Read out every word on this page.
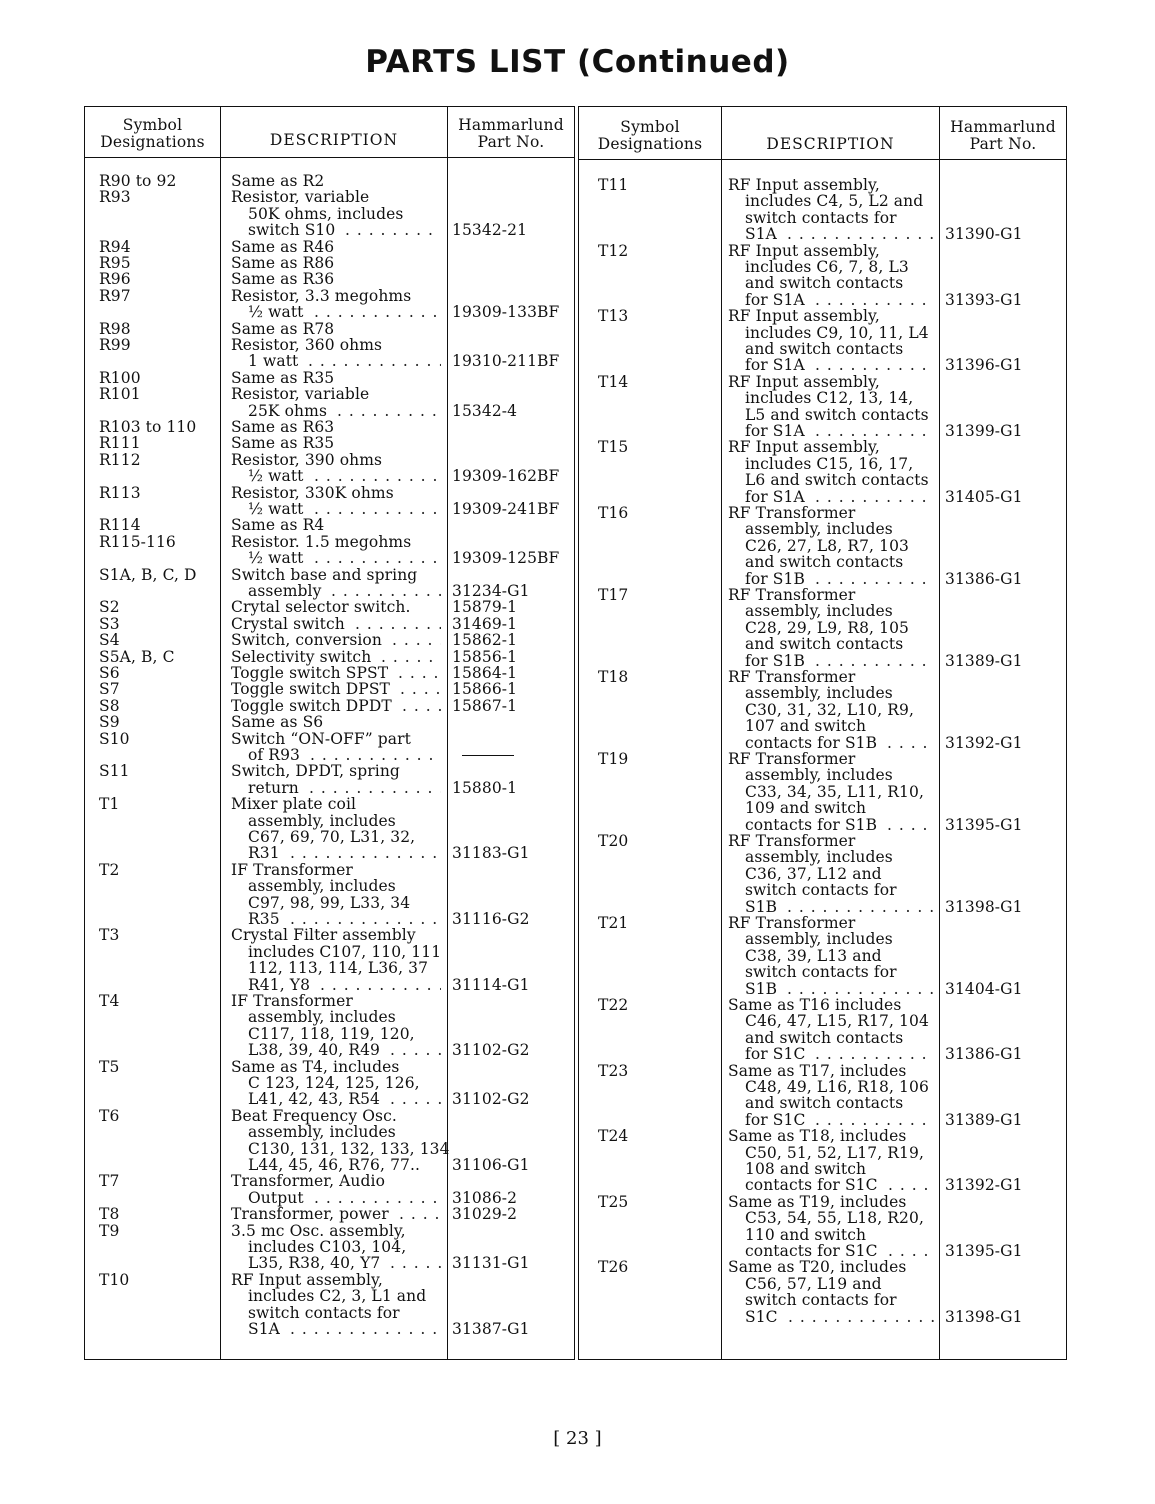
PARTS LIST (Continued)
Symbol
Designations	DESCRIPTION
Hammarlund
Part No.
R90 to 92	Same as R2
R93	Resistor, variable
50K ohms, includes
switch S10 . . .	15342-21
R94	Same as R46
R95	Same as R86
R96	Same as R36
R97	Resistor, 3.3 megohms
½ watt . . .	19309-133BF
R98	Same as R78
R99	Resistor, 360 ohms
1 watt . . .	19310-211BF
R100	Same as R35
R101	Resistor, variable
25K ohms . . .	15342-4
R103 to 110 Same as R63
R111	Same as R35
R112	Resistor, 390 ohms
½ watt . . .	19309-162BF
R113	Resistor, 330K ohms
½ watt . . .	19309-241BF
R114	Same as R4
R115-116	Resistor. 1.5 megohms
½ watt . . .	19309-125BF
S1A, B, C, D Switch base and spring
assembly . . .	31234-G1
S2	Crytal selector switch.	15879-1
S3	Crystal switch . . .	31469-1
S4	Switch, conversion . . .	15862-1
S5A, B, C	Selectivity switch . . .	15856-1
S6	Toggle switch SPST . . .	15864-1
S7	Toggle switch DPST . . .	15866-1
S8	Toggle switch DPDT . . .	15867-1
S9	Same as S6
S10	Switch “ON-OFF” part
of R93
. . .
S11	Switch, DPDT, spring
return . . .	15880-1
T1	Mixer plate coil
assembly, includes
C67, 69, 70, L31, 32,
R31 . . .	31183-G1
T2	IF Transformer
assembly, includes
C97, 98, 99, L33, 34
R35 . . .	31116-G2
T3	Crystal Filter assembly
includes C107, 110, 111
112, 113, 114, L36, 37
R41, Y8 . . .	31114-G1
T4	IF Transformer
assembly, includes
C117, 118, 119, 120,
L38, 39, 40, R49 . . .	31102-G2
T5	Same as T4, includes
C 123, 124, 125, 126,
L41, 42, 43, R54 . . .	31102-G2
T6	Beat Frequency Osc.
assembly, includes
C130, 131, 132, 133, 134
L44, 45, 46, R76, 77.. 31106-G1
T7	Transformer, Audio
Output . . .	31086-2
T8	Transformer, power . . .	31029-2
T9	3.5 mc Osc. assembly,
includes C103, 104,
L35, R38, 40, Y7 . . .	31131-G1
T10	RF Input assembly,
includes C2, 3, L1 and
switch contacts for
S1A . . .	31387-G1
Symbol
Designations	DESCRIPTION
Hammarlund
Part No.
T11	RF Input assembly,
includes C4, 5, L2 and
switch contacts for
S1A . . .	31390-G1
T12	RF Input assembly,
includes C6, 7, 8, L3
and switch contacts
for S1A . . .	31393-G1
T13	RF Input assembly,
includes C9, 10, 11, L4
and switch contacts
for S1A . . .	31396-G1
T14	RF Input assembly,
includes C12, 13, 14,
L5 and switch contacts
for S1A . . .	31399-G1
T15	RF Input assembly,
includes C15, 16, 17,
L6 and switch contacts
for S1A . . .	31405-G1
T16	RF Transformer
assembly, includes
C26, 27, L8, R7, 103
and switch contacts
for S1B . . .	31386-G1
T17	RF Transformer
assembly, includes
C28, 29, L9, R8, 105
and switch contacts
for S1B . . .	31389-G1
T18	RF Transformer
assembly, includes
C30, 31, 32, L10, R9,
107 and switch
contacts for S1B . . .	31392-G1
T19	RF Transformer
assembly, includes
C33, 34, 35, L11, R10,
109 and switch
contacts for S1B . . .	31395-G1
T20	RF Transformer
assembly, includes
C36, 37, L12 and
switch contacts for
S1B . . .	31398-G1
T21	RF Transformer
assembly, includes
C38, 39, L13 and
switch contacts for
S1B . . .	31404-G1
T22	Same as T16 includes
C46, 47, L15, R17, 104
and switch contacts
for S1C . . .	31386-G1
T23	Same as T17, includes
C48, 49, L16, R18, 106
and switch contacts
for S1C . . .	31389-G1
T24	Same as T18, includes
C50, 51, 52, L17, R19,
108 and switch
contacts for S1C . . .	31392-G1
T25	Same as T19, includes
C53, 54, 55, L18, R20,
110 and switch
contacts for S1C . . .	31395-G1
T26	Same as T20, includes
C56, 57, L19 and
switch contacts for
S1C . . .	31398-G1
[ 23 ]
